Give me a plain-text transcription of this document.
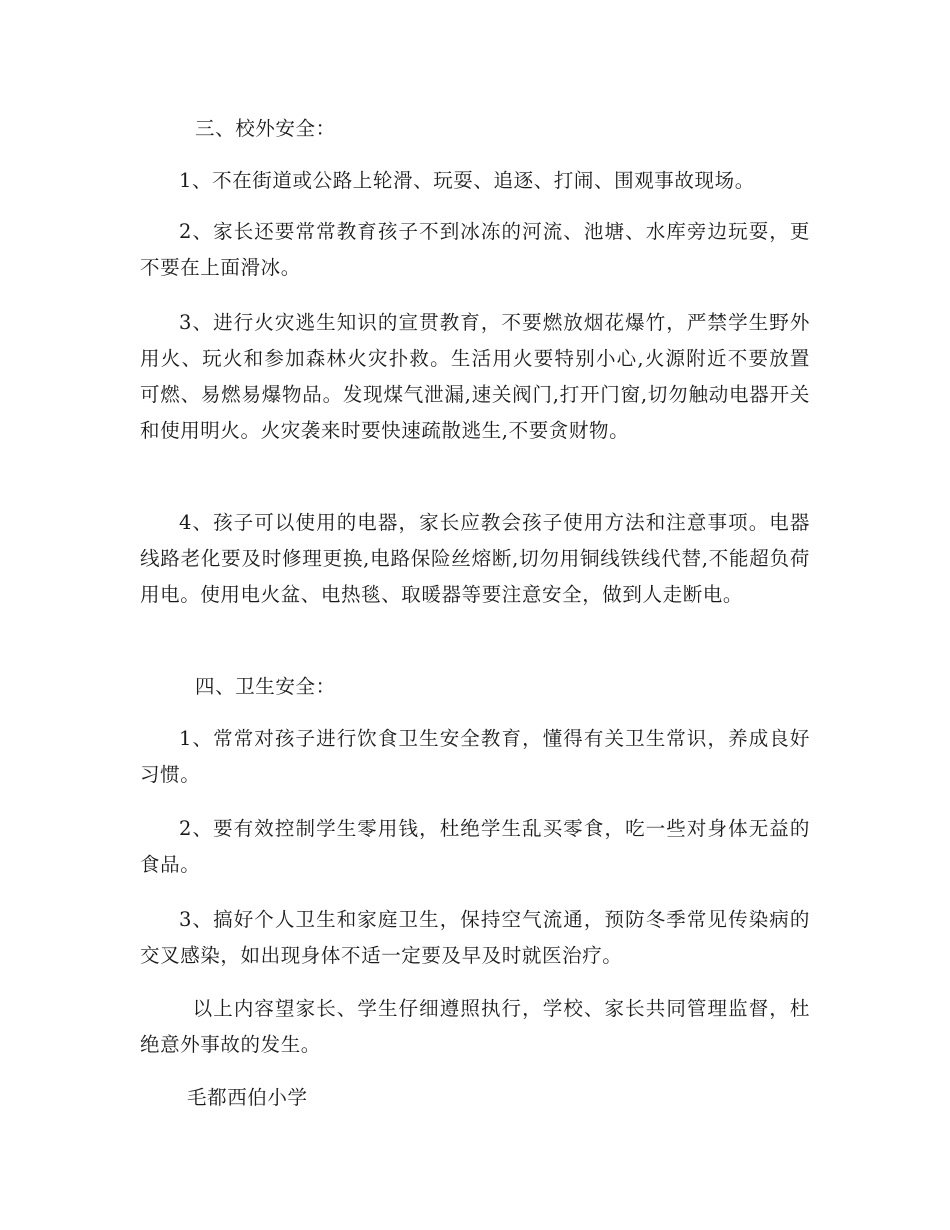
三、校外安全：

1、不在街道或公路上轮滑、玩耍、追逐、打闹、围观事故现场。

2、家长还要常常教育孩子不到冰冻的河流、池塘、水库旁边玩耍，更不要在上面滑冰。

3、进行火灾逃生知识的宣贯教育，不要燃放烟花爆竹，严禁学生野外用火、玩火和参加森林火灾扑救。生活用火要特别小心,火源附近不要放置可燃、易燃易爆物品。发现煤气泄漏,速关阀门,打开门窗,切勿触动电器开关和使用明火。火灾袭来时要快速疏散逃生,不要贪财物。

4、孩子可以使用的电器，家长应教会孩子使用方法和注意事项。电器线路老化要及时修理更换,电路保险丝熔断,切勿用铜线铁线代替,不能超负荷用电。使用电火盆、电热毯、取暖器等要注意安全，做到人走断电。

四、卫生安全：

1、常常对孩子进行饮食卫生安全教育，懂得有关卫生常识，养成良好习惯。

2、要有效控制学生零用钱，杜绝学生乱买零食，吃一些对身体无益的食品。

3、搞好个人卫生和家庭卫生，保持空气流通，预防冬季常见传染病的交叉感染，如出现身体不适一定要及早及时就医治疗。

以上内容望家长、学生仔细遵照执行，学校、家长共同管理监督，杜绝意外事故的发生。

毛都西伯小学
